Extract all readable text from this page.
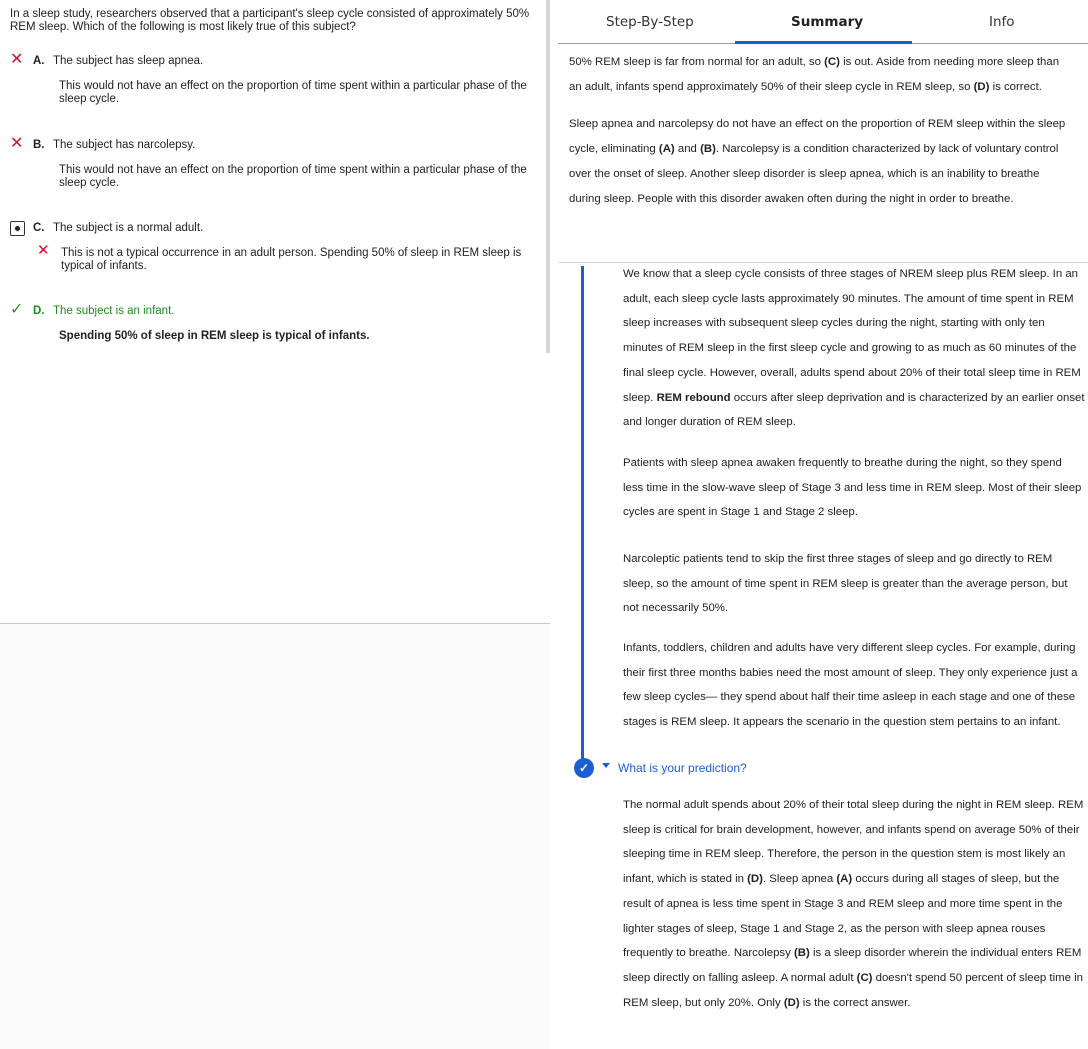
In a sleep study, researchers observed that a participant's sleep cycle consisted of approximately 50% REM sleep. Which of the following is most likely true of this subject?
✕ A. The subject has sleep apnea.
This would not have an effect on the proportion of time spent within a particular phase of the sleep cycle.
✕ B. The subject has narcolepsy.
This would not have an effect on the proportion of time spent within a particular phase of the sleep cycle.
C. The subject is a normal adult.
✕ This is not a typical occurrence in an adult person. Spending 50% of sleep in REM sleep is typical of infants.
✓ D. The subject is an infant.
Spending 50% of sleep in REM sleep is typical of infants.
Step-By-Step	Summary	Info

50% REM sleep is far from normal for an adult, so (C) is out. Aside from needing more sleep than an adult, infants spend approximately 50% of their sleep cycle in REM sleep, so (D) is correct.

Sleep apnea and narcolepsy do not have an effect on the proportion of REM sleep within the sleep cycle, eliminating (A) and (B). Narcolepsy is a condition characterized by lack of voluntary control over the onset of sleep. Another sleep disorder is sleep apnea, which is an inability to breathe during sleep. People with this disorder awaken often during the night in order to breathe.

We know that a sleep cycle consists of three stages of NREM sleep plus REM sleep. In an adult, each sleep cycle lasts approximately 90 minutes. The amount of time spent in REM sleep increases with subsequent sleep cycles during the night, starting with only ten minutes of REM sleep in the first sleep cycle and growing to as much as 60 minutes of the final sleep cycle. However, overall, adults spend about 20% of their total sleep time in REM sleep. REM rebound occurs after sleep deprivation and is characterized by an earlier onset and longer duration of REM sleep.
Patients with sleep apnea awaken frequently to breathe during the night, so they spend less time in the slow-wave sleep of Stage 3 and less time in REM sleep. Most of their sleep cycles are spent in Stage 1 and Stage 2 sleep.
Narcoleptic patients tend to skip the first three stages of sleep and go directly to REM sleep, so the amount of time spent in REM sleep is greater than the average person, but not necessarily 50%.
Infants, toddlers, children and adults have very different sleep cycles. For example, during their first three months babies need the most amount of sleep. They only experience just a few sleep cycles— they spend about half their time asleep in each stage and one of these stages is REM sleep. It appears the scenario in the question stem pertains to an infant.
✓	What is your prediction?
The normal adult spends about 20% of their total sleep during the night in REM sleep. REM sleep is critical for brain development, however, and infants spend on average 50% of their sleeping time in REM sleep. Therefore, the person in the question stem is most likely an infant, which is stated in (D). Sleep apnea (A) occurs during all stages of sleep, but the result of apnea is less time spent in Stage 3 and REM sleep and more time spent in the lighter stages of sleep, Stage 1 and Stage 2, as the person with sleep apnea rouses frequently to breathe. Narcolepsy (B) is a sleep disorder wherein the individual enters REM sleep directly on falling asleep. A normal adult (C) doesn't spend 50 percent of sleep time in REM sleep, but only 20%. Only (D) is the correct answer.
